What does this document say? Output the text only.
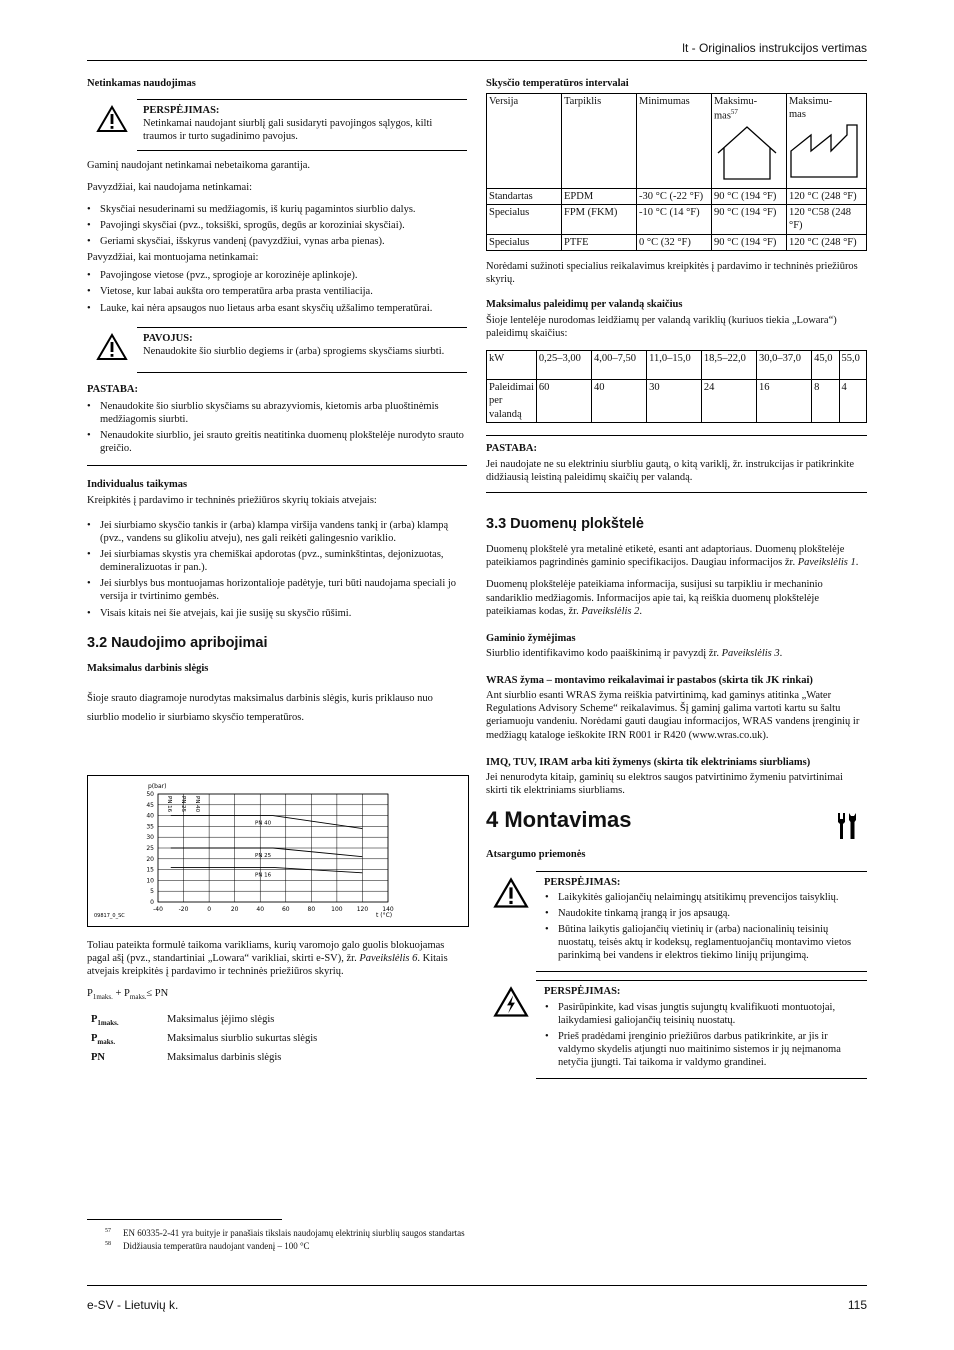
lt - Originalios instrukcijos vertimas

Netinkamas naudojimas

PERSPĖJIMAS:
Netinkamai naudojant siurblį gali susidaryti pavojingos sąlygos, kilti traumos ir turto sugadinimo pavojus.

Gaminį naudojant netinkamai nebetaikoma garantija.

Pavyzdžiai, kai naudojama netinkamai:

• Skysčiai nesuderinami su medžiagomis, iš kurių pagamintos siurblio dalys.
• Pavojingi skysčiai (pvz., toksiški, sprogūs, degūs ar koroziniai skysčiai).
• Geriami skysčiai, išskyrus vandenį (pavyzdžiui, vynas arba pienas).

Pavyzdžiai, kai montuojama netinkamai:

• Pavojingose vietose (pvz., sprogioje ar korozinėje aplinkoje).
• Vietose, kur labai aukšta oro temperatūra arba prasta ventiliacija.
• Lauke, kai nėra apsaugos nuo lietaus arba esant skysčių užšalimo temperatūrai.
PAVOJUS:
Nenaudokite šio siurblio degiems ir (arba) sprogiems skysčiams siurbti.

PASTABA:

• Nenaudokite šio siurblio skysčiams su abrazyviomis, kietomis arba pluoštinėmis medžiagomis siurbti.
• Nenaudokite siurblio, jei srauto greitis neatitinka duomenų plokštelėje nurodyto srauto greičio.

Individualus taikymas

Kreipkitės į pardavimo ir techninės priežiūros skyrių tokiais atvejais:

• Jei siurbiamo skysčio tankis ir (arba) klampa viršija vandens tankį ir (arba) klampą (pvz., vandens su glikoliu atveju), nes gali reikėti galingesnio variklio.
• Jei siurbiamas skystis yra chemiškai apdorotas (pvz., suminkštintas, dejonizuotas, demineralizuotas ir pan.).
• Jei siurblys bus montuojamas horizontalioje padėtyje, turi būti naudojama speciali jo versija ir tvirtinimo gembės.
• Visais kitais nei šie atvejais, kai jie susiję su skysčio rūšimi.
3.2 Naudojimo apribojimai

Maksimalus darbinis slėgis

Šioje srauto diagramoje nurodytas maksimalus darbinis slėgis, kuris priklauso nuo siurblio modelio ir siurbiamo skysčio temperatūros.

50
45
40
35
30
25
20
15
10
5
0
-40	-20	0	20	40	60	80	100 120 140
p(bar)
t (°C)
09817_0_SC
PN 40
PN 25
PN 16
PN 16 PN 25 PN 40

Toliau pateikta formulė taikoma varikliams, kurių varomojo galo guolis blokuojamas pagal ašį (pvz., standartiniai „Lowara“ varikliai, skirti e-SV), žr. Paveikslėlis 6. Kitais atvejais kreipkitės į pardavimo ir techninės priežiūros skyrių.

$P_{1maks.} + P_{maks.}\le$ PN

$P_{1maks.}$	Maksimalus įėjimo slėgis
$P_{maks.}$	Maksimalus siurblio sukurtas slėgis
PN	Maksimalus darbinis slėgis

Skysčio temperatūros intervalai

Versija	Tarpiklis	Minimumas	Maksimu-
mas$^{57}$	Maksimu-
mas

Standartas	EPDM	-30 °C (-22 °F)	90 °C (194 °F)	120 °C (248 °F)
Specialus	FPM (FKM)	-10 °C (14 °F)	90 °C (194 °F)	120 °C58 (248 °F)
Specialus	PTFE	0 °C (32 °F)	90 °C (194 °F)	120 °C (248 °F)

Norėdami sužinoti specialius reikalavimus kreipkitės į pardavimo ir techninės priežiūros skyrių.

Maksimalus paleidimų per valandą skaičius

Šioje lentelėje nurodomas leidžiamų per valandą variklių (kuriuos tiekia „Lowara“) paleidimų skaičius:

kW	0,25–3,00	4,00–7,50	11,0–15,0	18,5–22,0	30,0–37,0	45,0	55,0
Paleidimai per valandą	60	40	30	24	16	8	4
PASTABA:
Jei naudojate ne su elektriniu siurbliu gautą, o kitą variklį, žr. instrukcijas ir patikrinkite didžiausią leistiną paleidimų skaičių per valandą.
3.3 Duomenų plokštelė

Duomenų plokštelė yra metalinė etiketė, esanti ant adaptoriaus. Duomenų plokštelėje pateikiamos pagrindinės gaminio specifikacijos. Daugiau informacijos žr. Paveikslėlis 1.

Duomenų plokštelėje pateikiama informacija, susijusi su tarpikliu ir mechaninio sandariklio medžiagomis. Informacijos apie tai, ką reiškia duomenų plokštelėje pateikiamas kodas, žr. Paveikslėlis 2.

Gaminio žymėjimas

Siurblio identifikavimo kodo paaiškinimą ir pavyzdį žr. Paveikslėlis 3.

WRAS žyma – montavimo reikalavimai ir pastabos (skirta tik JK rinkai)

Ant siurblio esanti WRAS žyma reiškia patvirtinimą, kad gaminys atitinka „Water Regulations Advisory Scheme“ reikalavimus. Šį gaminį galima vartoti kartu su šaltu geriamuoju vandeniu. Norėdami gauti daugiau informacijos, WRAS vandens įrenginių ir medžiagų kataloge ieškokite IRN R001 ir R420 (www.wras.co.uk).

IMQ, TUV, IRAM arba kiti žymenys (skirta tik elektriniams siurbliams)

Jei nenurodyta kitaip, gaminių su elektros saugos patvirtinimo žymeniu patvirtinimai skirti tik elektriniams siurbliams.

4 Montavimas

Atsargumo priemonės

PERSPĖJIMAS:
• Laikykitės galiojančių nelaimingų atsitikimų prevencijos taisyklių.
• Naudokite tinkamą įrangą ir jos apsaugą.
• Būtina laikytis galiojančių vietinių ir (arba) nacionalinių teisinių nuostatų, teisės aktų ir kodeksų, reglamentuojančių montavimo vietos parinkimą bei vandens ir elektros tiekimo linijų prijungimą.
PERSPĖJIMAS:
• Pasirūpinkite, kad visas jungtis sujungtų kvalifikuoti montuotojai, laikydamiesi galiojančių teisinių nuostatų.
• Prieš pradėdami įrenginio priežiūros darbus patikrinkite, ar jis ir valdymo skydelis atjungti nuo maitinimo sistemos ir jų neįmanoma netyčia įjungti. Tai taikoma ir valdymo grandinei.
$^{57}$ EN 60335-2-41 yra buityje ir panašiais tikslais naudojamų elektrinių siurblių saugos standartas
$^{58}$ Didžiausia temperatūra naudojant vandenį – 100 °C
e-SV - Lietuvių k.	115
